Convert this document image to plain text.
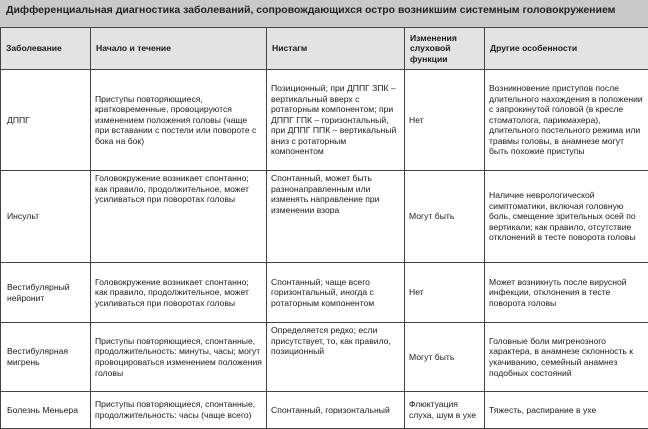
Дифференциальная диагностика заболеваний, сопровождающихся остро возникшим системным головокружением
Заболевание	Начало и течение	Нистагм	Изменения слуховой функции	Другие особенности
ДППГ	Приступы повторяющиеся, кратковременные, провоцируются изменением положения головы (чаще при вставании с постели или повороте с бока на бок)	Позиционный; при ДППГ ЗПК – вертикальный вверх с ротаторным компонентом; при ДППГ ГПК – горизонтальный, при ДППГ ППК – вертикальный вниз с ротаторным компонентом	Нет	Возникновение приступов после длительного нахождения в положении с запрокинутой головой (в кресле стоматолога, парикмахера), длительного постельного режима или травмы головы, в анамнезе могут быть похожие приступы
Инсульт	Головокружение возникает спонтанно; как правило, продолжительное, может усиливаться при поворотах головы	Спонтанный, может быть разнонаправленным или изменять направление при изменении взора	Могут быть	Наличие неврологической симптоматики, включая головную боль, смещение зрительных осей по вертикали; как правило, отсутствие отклонений в тесте поворота головы
Вестибулярный нейронит	Головокружение возникает спонтанно; как правило, продолжительное, может усиливаться при поворотах головы	Спонтанный; чаще всего горизонтальный, иногда с ротаторным компонентом	Нет	Может возникнуть после вирусной инфекции, отклонения в тесте поворота головы
Вестибулярная мигрень	Приступы повторяющиеся, спонтанные, продолжительность: минуты, часы; могут провоцироваться изменением положения головы	Определяется редко; если присутствует, то, как правило, позиционный	Могут быть	Головные боли мигренозного характера, в анамнезе склонность к укачиванию, семейный анамнез подобных состояний
Болезнь Меньера	Приступы повторяющиеся, спонтанные, продолжительность: часы (чаще всего)	Спонтанный, горизонтальный	Флюктуация слуха, шум в ухе	Тяжесть, распирание в ухе
